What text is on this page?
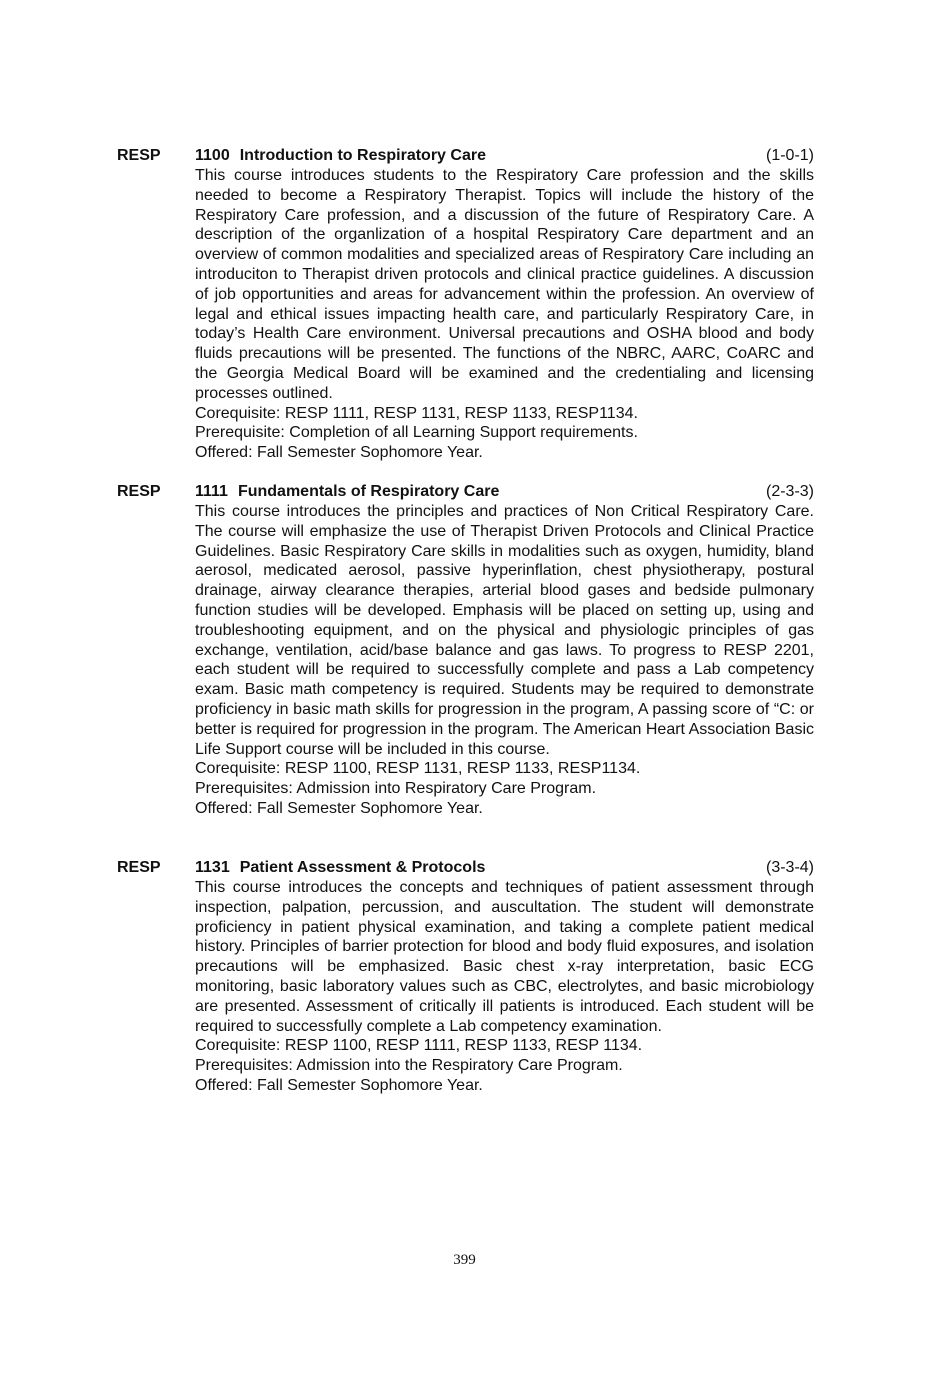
RESP 1100 Introduction to Respiratory Care	(1-0-1)

This course introduces students to the Respiratory Care profession and the skills needed to become a Respiratory Therapist. Topics will include the history of the Respiratory Care profession, and a discussion of the future of Respiratory Care. A description of the organlization of a hospital Respiratory Care department and an overview of common modalities and specialized areas of Respiratory Care including an introduciton to Therapist driven protocols and clinical practice guidelines. A discussion of job opportunities and areas for advancement within the profession. An overview of legal and ethical issues impacting health care, and particularly Respiratory Care, in today’s Health Care environment. Universal precautions and OSHA blood and body fluids precautions will be presented. The functions of the NBRC, AARC, CoARC and the Georgia Medical Board will be examined and the credentialing and licensing processes outlined.

Corequisite: RESP 1111, RESP 1131, RESP 1133, RESP1134.

Prerequisite: Completion of all Learning Support requirements.

Offered: Fall Semester Sophomore Year.

RESP 1111 Fundamentals of Respiratory Care	(2-3-3)

This course introduces the principles and practices of Non Critical Respiratory Care. The course will emphasize the use of Therapist Driven Protocols and Clinical Practice Guidelines. Basic Respiratory Care skills in modalities such as oxygen, humidity, bland aerosol, medicated aerosol, passive hyperinflation, chest physiotherapy, postural drainage, airway clearance therapies, arterial blood gases and bedside pulmonary function studies will be developed. Emphasis will be placed on setting up, using and troubleshooting equipment, and on the physical and physiologic principles of gas exchange, ventilation, acid/base balance and gas laws. To progress to RESP 2201, each student will be required to successfully complete and pass a Lab competency exam. Basic math competency is required. Students may be required to demonstrate proficiency in basic math skills for progression in the program, A passing score of “C: or better is required for progression in the program. The American Heart Association Basic Life Support course will be included in this course.

Corequisite: RESP 1100, RESP 1131, RESP 1133, RESP1134.

Prerequisites: Admission into Respiratory Care Program.

Offered: Fall Semester Sophomore Year.

RESP 1131 Patient Assessment & Protocols	(3-3-4)

This course introduces the concepts and techniques of patient assessment through inspection, palpation, percussion, and auscultation. The student will demonstrate proficiency in patient physical examination, and taking a complete patient medical history. Principles of barrier protection for blood and body fluid exposures, and isolation precautions will be emphasized. Basic chest x-ray interpretation, basic ECG monitoring, basic laboratory values such as CBC, electrolytes, and basic microbiology are presented. Assessment of critically ill patients is introduced. Each student will be required to successfully complete a Lab competency examination.

Corequisite: RESP 1100, RESP 1111, RESP 1133, RESP 1134.

Prerequisites: Admission into the Respiratory Care Program.

Offered: Fall Semester Sophomore Year.

399
